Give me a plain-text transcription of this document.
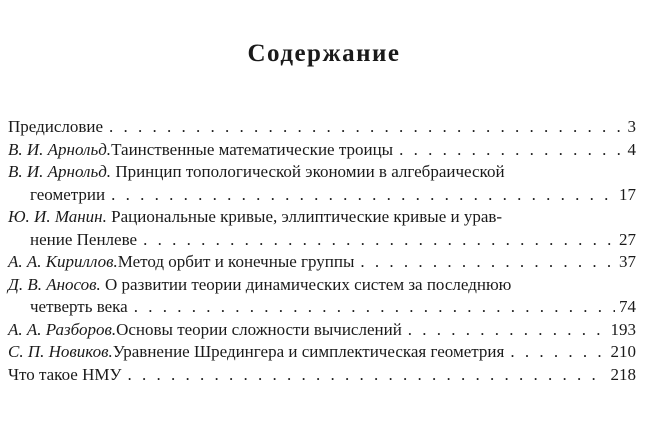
Содержание
Предисловие . . .	3
В. И. Арнольд. Таинственные математические троицы . . .	4
В. И. Арнольд. Принцип топологической экономии в алгебраической
геометрии . . .	17
Ю. И. Манин. Рациональные кривые, эллиптические кривые и урав-
нение Пенлеве . . .	27
А. А. Кириллов. Метод орбит и конечные группы . . .	37
Д. В. Аносов. О развитии теории динамических систем за последнюю
четверть века . . .	74
А. А. Разборов. Основы теории сложности вычислений . . .	193
С. П. Новиков. Уравнение Шредингера и симплектическая геометрия . . .	210
Что такое НМУ . . .	218
